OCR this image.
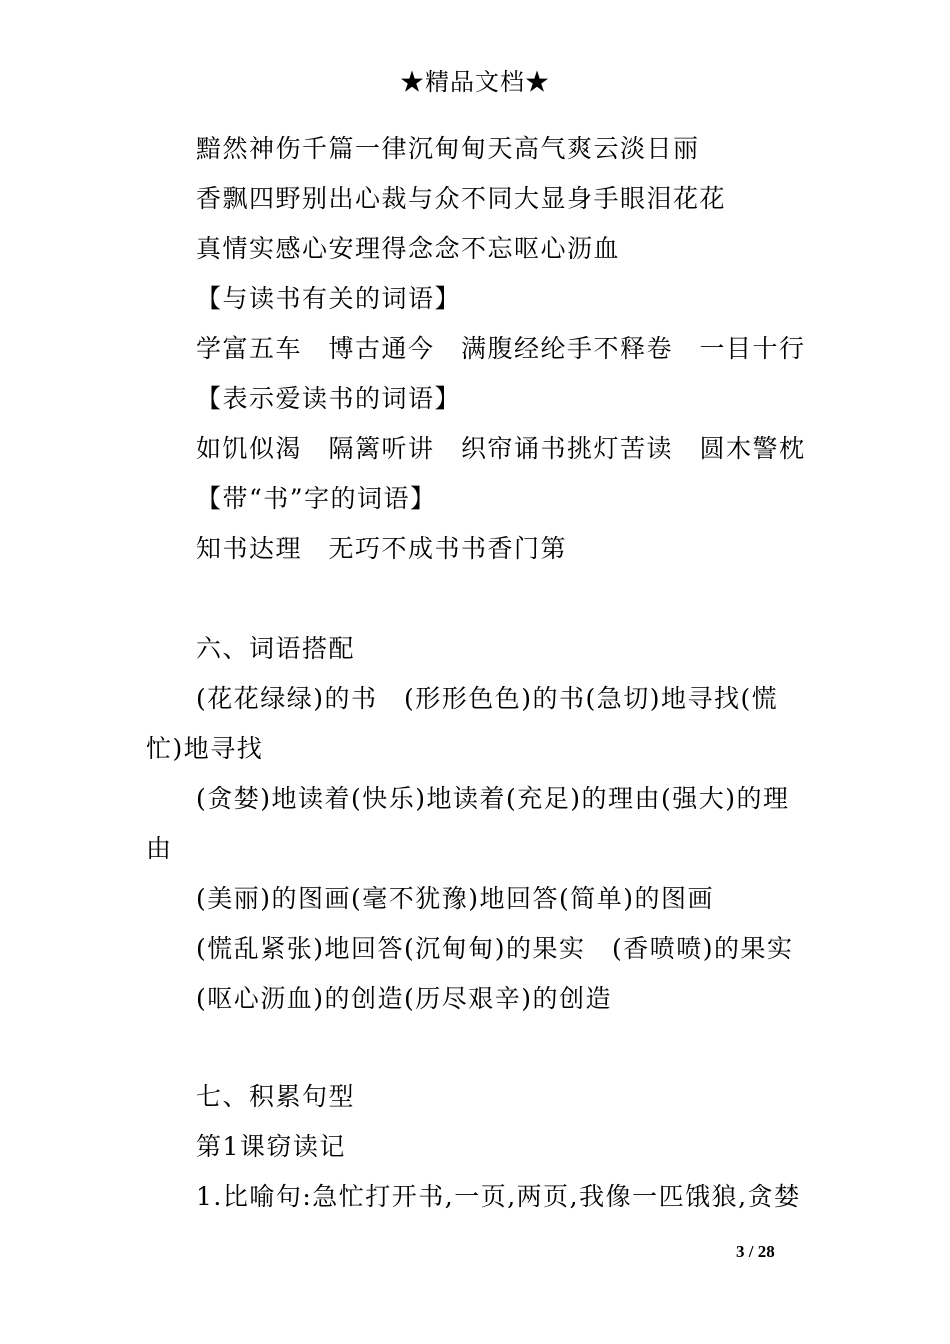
★精品文档★
黯然神伤千篇一律沉甸甸天高气爽云淡日丽
香飘四野别出心裁与众不同大显身手眼泪花花
真情实感心安理得念念不忘呕心沥血
【与读书有关的词语】
学富五车　博古通今　满腹经纶手不释卷　一目十行
【表示爱读书的词语】
如饥似渴　隔篱听讲　织帘诵书挑灯苦读　圆木警枕
【带“书”字的词语】
知书达理　无巧不成书书香门第
六、词语搭配
(花花绿绿)的书　(形形色色)的书(急切)地寻找(慌
忙)地寻找
(贪婪)地读着(快乐)地读着(充足)的理由(强大)的理
由
(美丽)的图画(毫不犹豫)地回答(简单)的图画
(慌乱紧张)地回答(沉甸甸)的果实　(香喷喷)的果实
(呕心沥血)的创造(历尽艰辛)的创造
七、积累句型
第1课窃读记
1.比喻句:急忙打开书,一页,两页,我像一匹饿狼,贪婪
3 / 28
